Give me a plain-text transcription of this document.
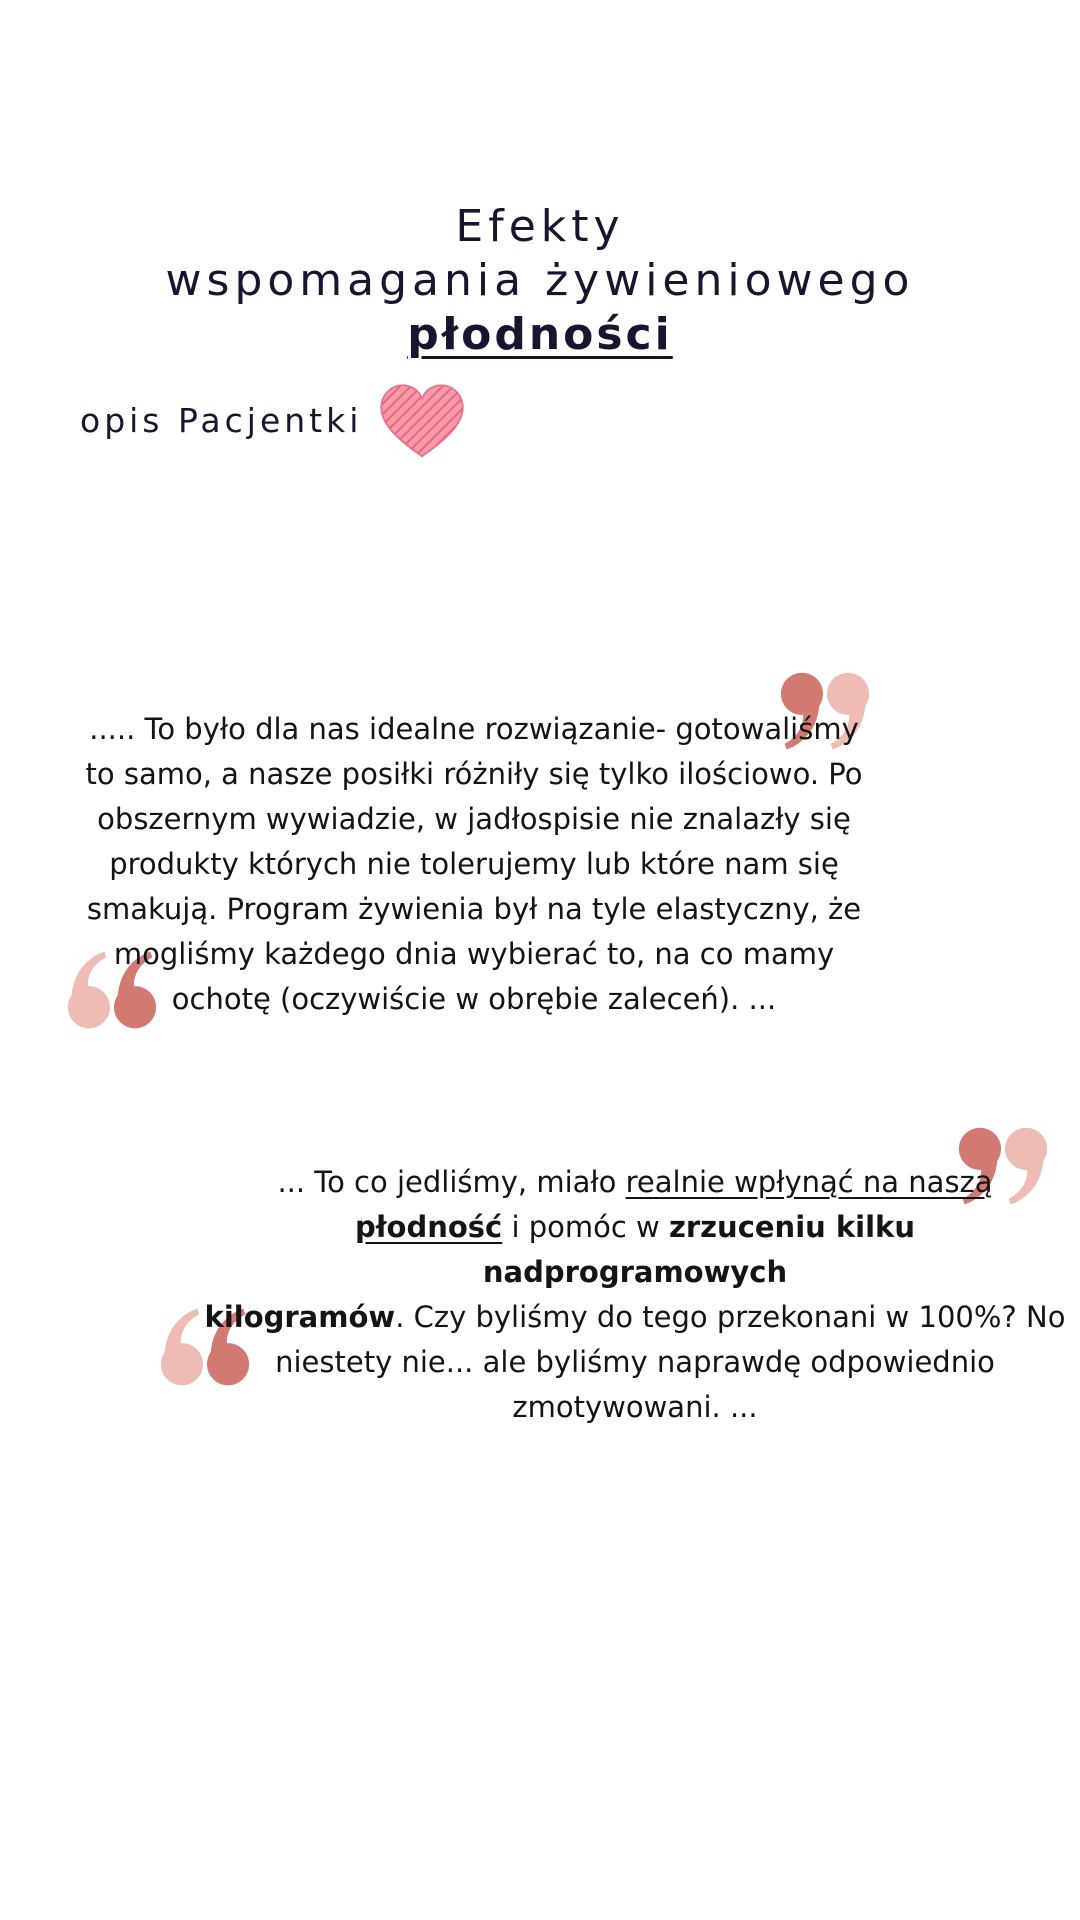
Efekty
wspomagania żywieniowego
płodności
opis Pacjentki
..... To było dla nas idealne rozwiązanie- gotowaliśmy
to samo, a nasze posiłki różniły się tylko ilościowo. Po
obszernym wywiadzie, w jadłospisie nie znalazły się
produkty których nie tolerujemy lub które nam się
smakują. Program żywienia był na tyle elastyczny, że
mogliśmy każdego dnia wybierać to, na co mamy
ochotę (oczywiście w obrębie zaleceń). ...
... To co jedliśmy, miało realnie wpłynąć na naszą
płodność i pomóc w zrzuceniu kilku nadprogramowych
kilogramów. Czy byliśmy do tego przekonani w 100%? No
niestety nie... ale byliśmy naprawdę odpowiednio
zmotywowani. ...
